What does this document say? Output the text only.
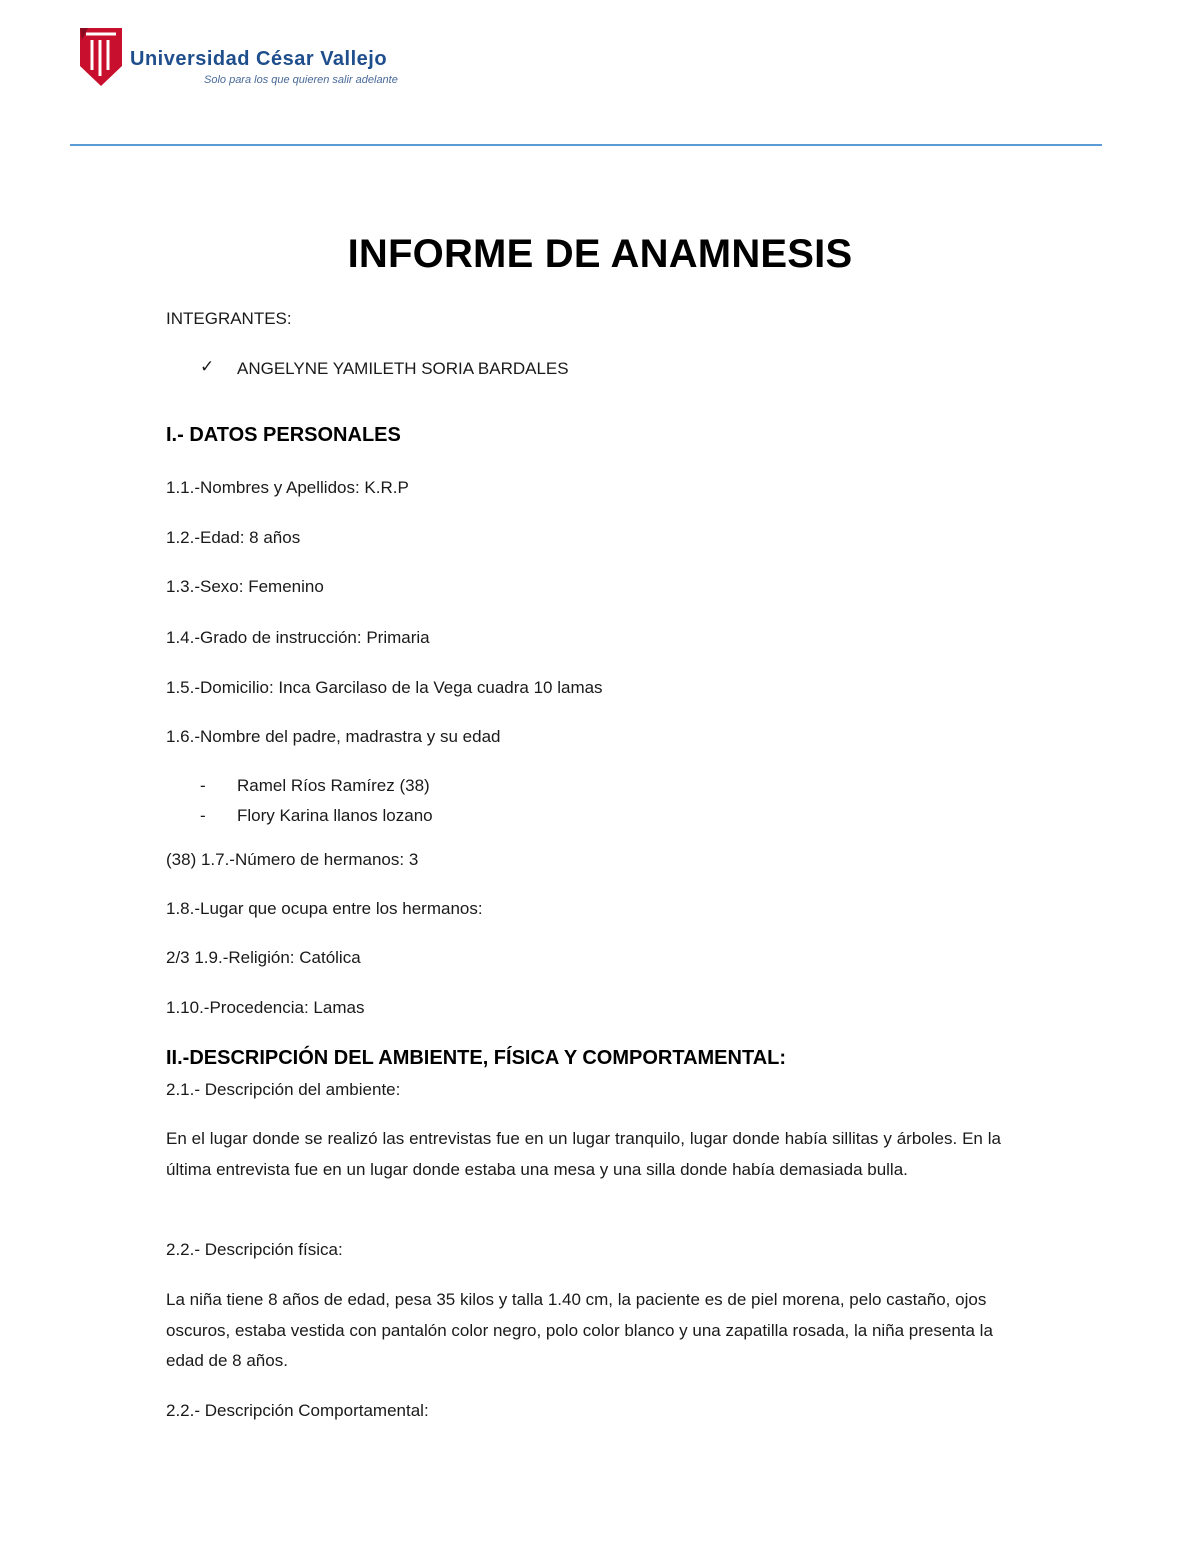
Universidad César Vallejo
Solo para los que quieren salir adelante
INFORME DE ANAMNESIS
INTEGRANTES:
✓ ANGELYNE YAMILETH SORIA BARDALES
I.- DATOS PERSONALES
1.1.-Nombres y Apellidos: K.R.P
1.2.-Edad: 8 años
1.3.-Sexo: Femenino
1.4.-Grado de instrucción: Primaria
1.5.-Domicilio: Inca Garcilaso de la Vega cuadra 10 lamas
1.6.-Nombre del padre, madrastra y su edad
- Ramel Ríos Ramírez (38)
- Flory Karina llanos lozano
(38) 1.7.-Número de hermanos: 3
1.8.-Lugar que ocupa entre los hermanos:
2/3 1.9.-Religión: Católica
1.10.-Procedencia: Lamas
II.-DESCRIPCIÓN DEL AMBIENTE, FÍSICA Y COMPORTAMENTAL:
2.1.- Descripción del ambiente:
En el lugar donde se realizó las entrevistas fue en un lugar tranquilo, lugar donde había sillitas y árboles. En la última entrevista fue en un lugar donde estaba una mesa y una silla donde había demasiada bulla.
2.2.- Descripción física:
La niña tiene 8 años de edad, pesa 35 kilos y talla 1.40 cm, la paciente es de piel morena, pelo castaño, ojos oscuros, estaba vestida con pantalón color negro, polo color blanco y una zapatilla rosada, la niña presenta la edad de 8 años.
2.2.- Descripción Comportamental:
